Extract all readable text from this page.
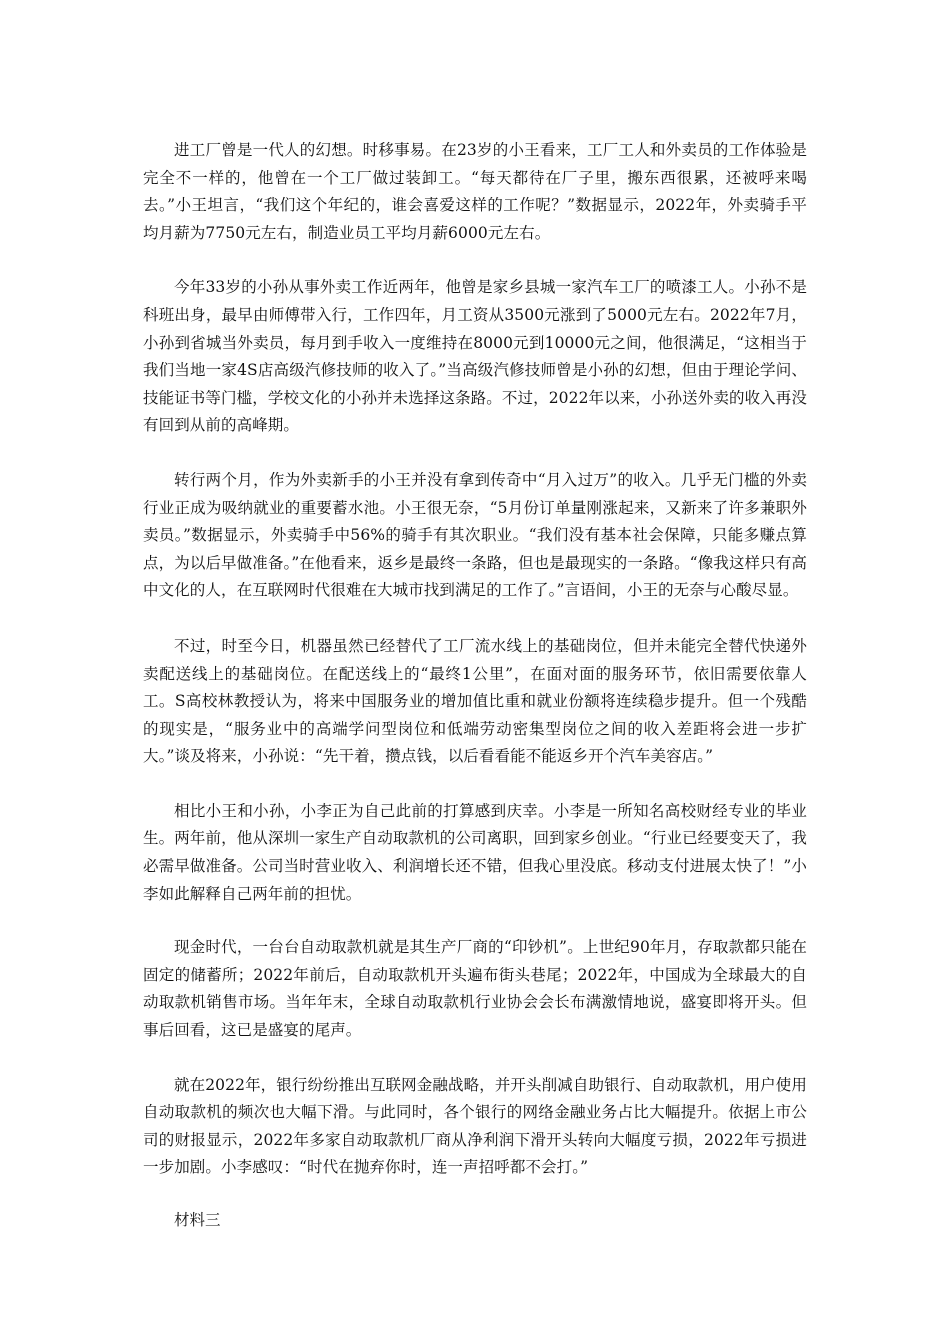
进工厂曾是一代人的幻想。时移事易。在23岁的小王看来，工厂工人和外卖员的工作体验是完全不一样的，他曾在一个工厂做过装卸工。“每天都待在厂子里，搬东西很累，还被呼来喝去。”小王坦言，“我们这个年纪的，谁会喜爱这样的工作呢？”数据显示，2022年，外卖骑手平均月薪为7750元左右，制造业员工平均月薪6000元左右。

今年33岁的小孙从事外卖工作近两年，他曾是家乡县城一家汽车工厂的喷漆工人。小孙不是科班出身，最早由师傅带入行，工作四年，月工资从3500元涨到了5000元左右。2022年7月，小孙到省城当外卖员，每月到手收入一度维持在8000元到10000元之间，他很满足，“这相当于我们当地一家4S店高级汽修技师的收入了。”当高级汽修技师曾是小孙的幻想，但由于理论学问、技能证书等门槛，学校文化的小孙并未选择这条路。不过，2022年以来，小孙送外卖的收入再没有回到从前的高峰期。

转行两个月，作为外卖新手的小王并没有拿到传奇中“月入过万”的收入。几乎无门槛的外卖行业正成为吸纳就业的重要蓄水池。小王很无奈，“5月份订单量刚涨起来，又新来了许多兼职外卖员。”数据显示，外卖骑手中56%的骑手有其次职业。“我们没有基本社会保障，只能多赚点算点，为以后早做准备。”在他看来，返乡是最终一条路，但也是最现实的一条路。“像我这样只有高中文化的人，在互联网时代很难在大城市找到满足的工作了。”言语间，小王的无奈与心酸尽显。

不过，时至今日，机器虽然已经替代了工厂流水线上的基础岗位，但并未能完全替代快递外卖配送线上的基础岗位。在配送线上的“最终1公里”，在面对面的服务环节，依旧需要依靠人工。S高校林教授认为，将来中国服务业的增加值比重和就业份额将连续稳步提升。但一个残酷的现实是，“服务业中的高端学问型岗位和低端劳动密集型岗位之间的收入差距将会进一步扩大。”谈及将来，小孙说：“先干着，攒点钱，以后看看能不能返乡开个汽车美容店。”

相比小王和小孙，小李正为自己此前的打算感到庆幸。小李是一所知名高校财经专业的毕业生。两年前，他从深圳一家生产自动取款机的公司离职，回到家乡创业。“行业已经要变天了，我必需早做准备。公司当时营业收入、利润增长还不错，但我心里没底。移动支付进展太快了！”小李如此解释自己两年前的担忧。

现金时代，一台台自动取款机就是其生产厂商的“印钞机”。上世纪90年月，存取款都只能在固定的储蓄所；2022年前后，自动取款机开头遍布街头巷尾；2022年，中国成为全球最大的自动取款机销售市场。当年年末，全球自动取款机行业协会会长布满激情地说，盛宴即将开头。但事后回看，这已是盛宴的尾声。

就在2022年，银行纷纷推出互联网金融战略，并开头削减自助银行、自动取款机，用户使用自动取款机的频次也大幅下滑。与此同时，各个银行的网络金融业务占比大幅提升。依据上市公司的财报显示，2022年多家自动取款机厂商从净利润下滑开头转向大幅度亏损，2022年亏损进一步加剧。小李感叹：“时代在抛弃你时，连一声招呼都不会打。”

材料三
